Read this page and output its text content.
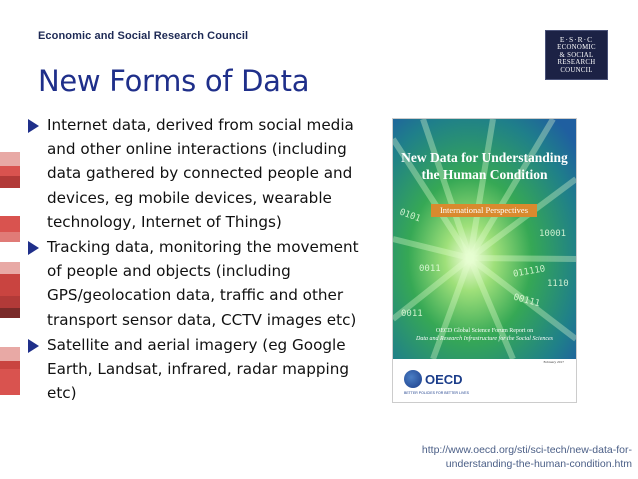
Economic and Social Research Council	E·S·R·C
ECONOMIC
& SOCIAL
RESEARCH
COUNCIL
New Forms of Data
Internet data, derived from social media and other online interactions (including data gathered by connected people and devices, eg mobile devices, wearable technology, Internet of Things)
Tracking data, monitoring the movement of people and objects (including GPS/geolocation data, traffic and other transport sensor data, CCTV images etc)
Satellite and aerial imagery (eg Google Earth, Landsat, infrared, radar mapping etc)
New Data for Understanding
the Human Condition
International Perspectives
0101
10001
0011	011110
00111
1110
0011
OECD Global Science Forum Report on
Data and Research Infrastructure for the Social Sciences
February 2017
OECD
BETTER POLICIES FOR BETTER LIVES
http://www.oecd.org/sti/sci-tech/new-data-for-
understanding-the-human-condition.htm
